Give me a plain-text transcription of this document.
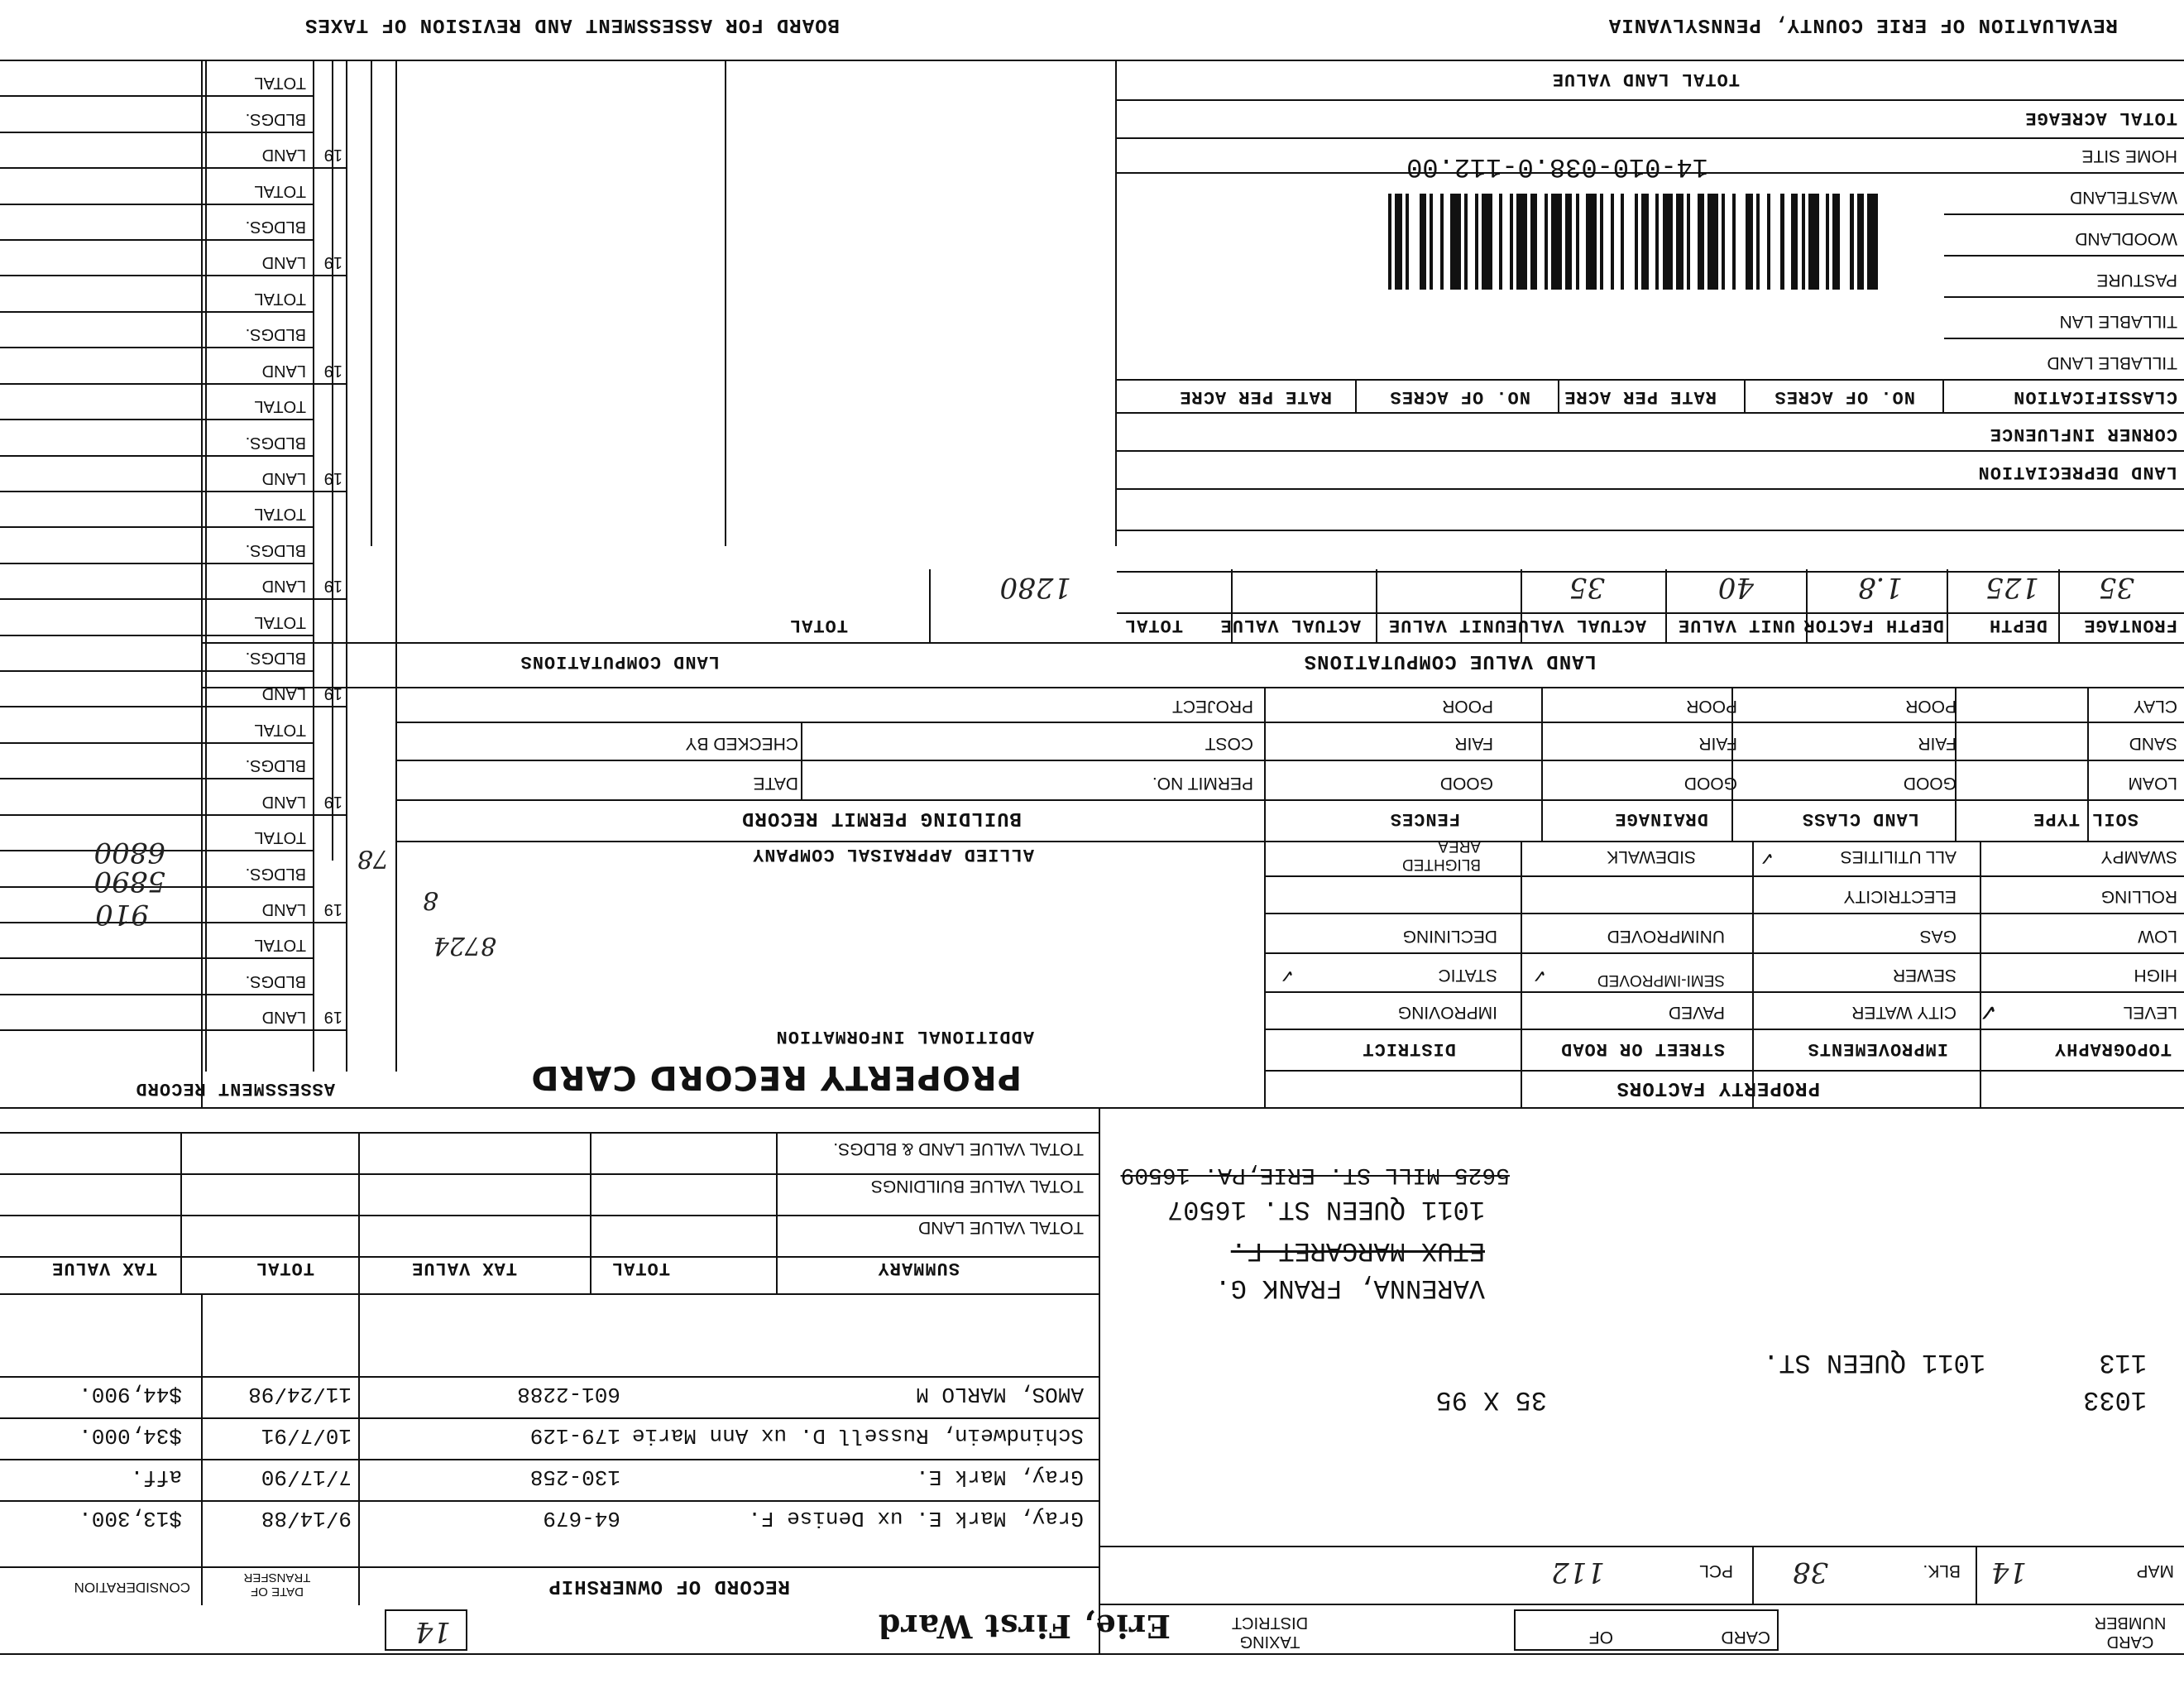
REVALUATION OF ERIE COUNTY, PENNSYLVANIA
BOARD FOR ASSESSMENT AND REVISION OF TAXES
TOTAL LAND VALUE
TOTAL ACREAGE
HOME SITE
WASTELAND
WOODLAND
PASTURE
TILLABLE LAN
TILLABLE LAND
14-010-038.0-112.00
CLASSIFICATION
NO. OF ACRES
RATE PER ACRE
NO. OF ACRES
RATE PER ACRE
CORNER INFLUENCE
LAND DEPRECIATION
FRONTAGE
DEPTH
DEPTH FACTOR
UNIT VALUE
ACTUAL VALUE
UNIT VALUE
ACTUAL VALUE
TOTAL
TOTAL
35
125
1.8
40
35
1280
LAND VALUE COMPUTATIONS
LAND COMPUTATIONS
CLAY
POOR
POOR
POOR
PROJECT
SAND
FAIR
FAIR
FAIR
COST
CHECKED BY
LOAM
GOOD
GOOD
GOOD
PERMIT NO.
DATE
SOIL TYPE
LAND CLASS
DRAINAGE
FENCES
BUILDING PERMIT RECORD
SWAMPY
ALL UTILITIES
SIDEWALK
BLIGHTED AREA
ALLIED APPRAISAL COMPANY
ROLLING
ELECTRICITY
LOW
GAS
UNIMPROVED
DECLINING
HIGH
SEWER
SEMI-IMPROVED
STATIC
LEVEL
CITY WATER
PAVED
IMPROVING
ADDITIONAL INFORMATION
TOPOGRAPHY
IMPROVEMENTS
STREET OR ROAD
DISTRICT
PROPERTY FACTORS
✓
✓
✓
✓
PROPERTY RECORD CARD
8724
8
TOTAL
BLDGS.
LAND 19
TOTAL
BLDGS.
LAND 19
TOTAL
BLDGS.
LAND 19
TOTAL
BLDGS.
LAND 19
TOTAL
BLDGS.
LAND 19
TOTAL
BLDGS.
LAND 19
TOTAL
BLDGS.
LAND 19
TOTAL
BLDGS.
LAND 19
TOTAL
BLDGS.
LAND 19
ASSESSMENT RECORD
6800
5890
910
78
5625 MILL ST. ERIE,PA. 16509
1011 QUEEN ST. 16507
ETUX MARGARET F.
VARENNA, FRANK G.
113
1011 QUEEN ST.
1033
35 X 95
MAP
14
BLK.
38
PCL
112
TOTAL VALUE LAND
TOTAL VALUE BUILDINGS
TOTAL VALUE LAND & BLDGS.
SUMMARY
TOTAL
TAX VALUE
TOTAL
TAX VALUE
AMOS, MARLO M
601-2288
11/24/98
$44,900.
Schindwein, Russell D. ux Ann Marie
179-129
10/7/91
$34,000.
Gray, Mark E.
130-258
7/17/90
aff.
Gray, Mark E. ux Denise F.
64-679
9/14/88
$13,300.
RECORD OF OWNERSHIP
DATE OF TRANSFER
CONSIDERATION
CARD NUMBER
CARD
OF
TAXING DISTRICT
Erie, First Ward
14
